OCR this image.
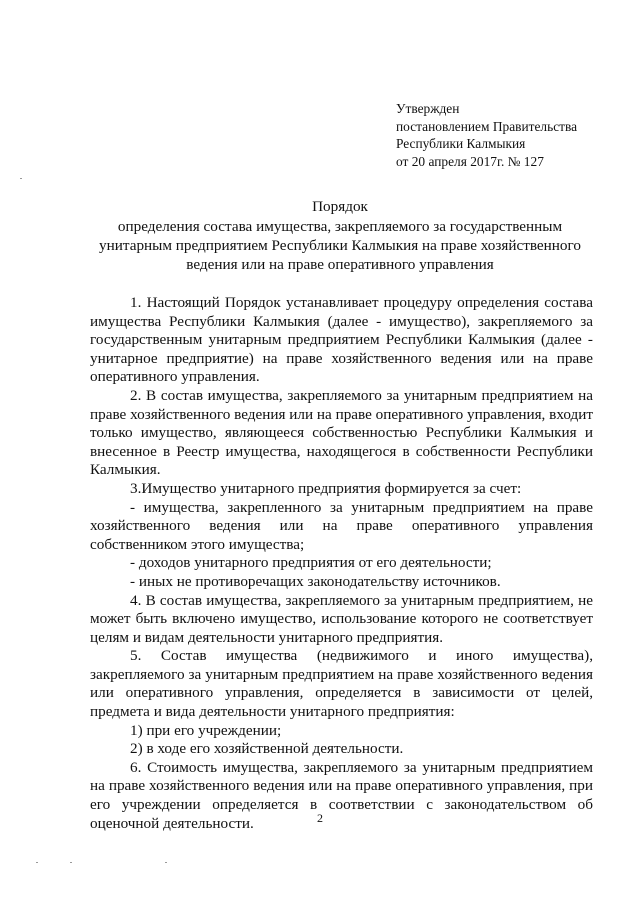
Утвержден
постановлением Правительства
Республики Калмыкия
от 20 апреля 2017г. № 127
Порядок
определения состава имущества, закрепляемого за государственным
унитарным предприятием Республики Калмыкия на праве хозяйственного
ведения или на праве оперативного управления

1. Настоящий Порядок устанавливает процедуру определения состава имущества Республики Калмыкия (далее - имущество), закрепляемого за государственным унитарным предприятием Республики Калмыкия (далее - унитарное предприятие) на праве хозяйственного ведения или на праве оперативного управления.

2. В состав имущества, закрепляемого за унитарным предприятием на праве хозяйственного ведения или на праве оперативного управления, входит только имущество, являющееся собственностью Республики Калмыкия и внесенное в Реестр имущества, находящегося в собственности Республики Калмыкия.

3.Имущество унитарного предприятия формируется за счет:

- имущества, закрепленного за унитарным предприятием на праве хозяйственного ведения или на праве оперативного управления собственником этого имущества;

- доходов унитарного предприятия от его деятельности;

- иных не противоречащих законодательству источников.

4. В состав имущества, закрепляемого за унитарным предприятием, не может быть включено имущество, использование которого не соответствует целям и видам деятельности унитарного предприятия.

5. Состав имущества (недвижимого и иного имущества), закрепляемого за унитарным предприятием на праве хозяйственного ведения или оперативного управления, определяется в зависимости от целей, предмета и вида деятельности унитарного предприятия:

1) при его учреждении;

2) в ходе его хозяйственной деятельности.

6. Стоимость имущества, закрепляемого за унитарным предприятием на праве хозяйственного ведения или на праве оперативного управления, при его учреждении определяется в соответствии с законодательством об оценочной деятельности.	2
